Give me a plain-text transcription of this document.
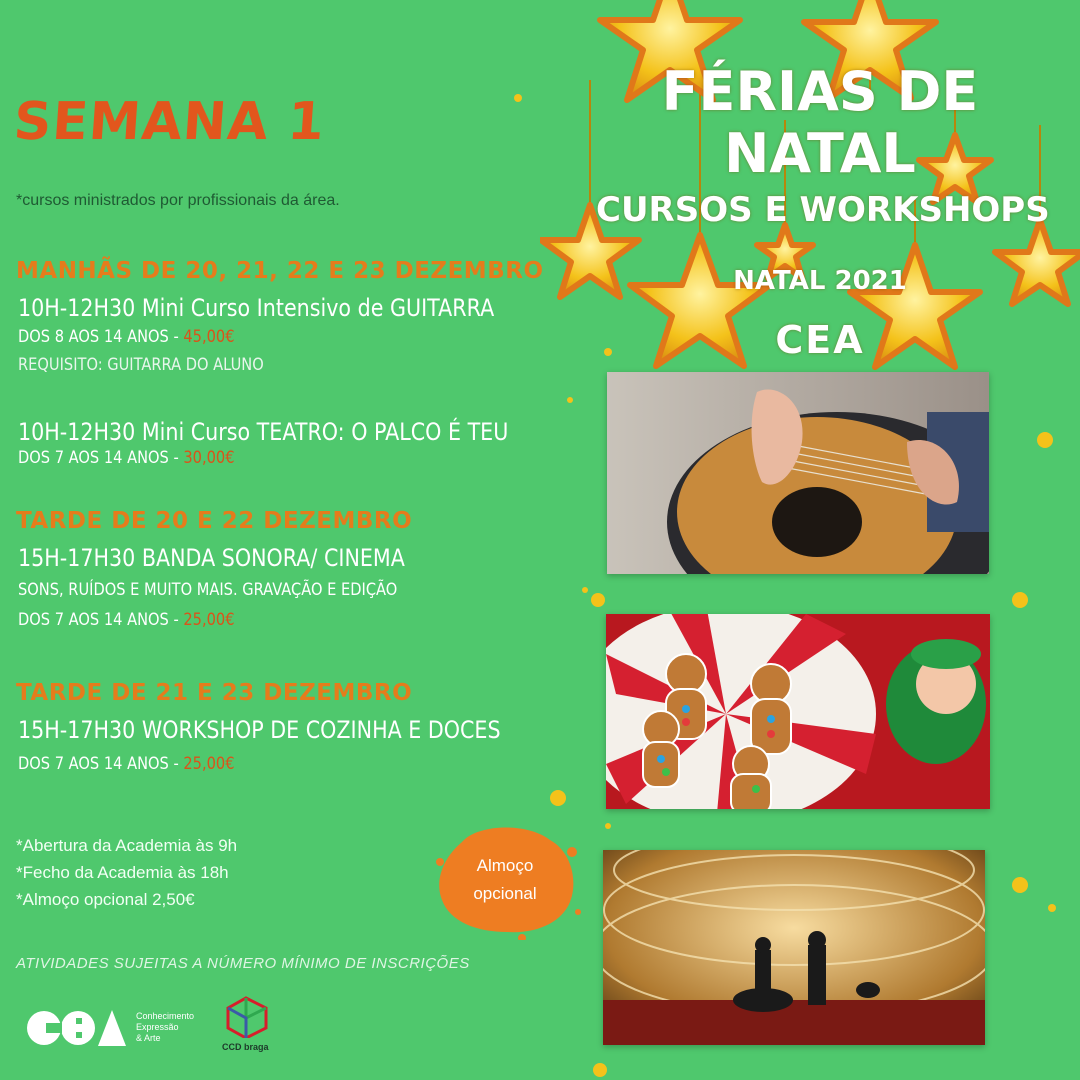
FÉRIAS DE
NATAL
CURSOS E WORKSHOPS
NATAL 2021
CEA
SEMANA 1
*cursos ministrados por profissionais da área.
MANHÃS DE 20, 21, 22 E 23 DEZEMBRO
10H-12H30 Mini Curso Intensivo de GUITARRA
DOS 8 AOS 14 ANOS - 45,00€
REQUISITO: GUITARRA DO ALUNO
10H-12H30 Mini Curso TEATRO: O PALCO É TEU
DOS 7 AOS 14 ANOS - 30,00€
TARDE DE 20 E 22 DEZEMBRO
15H-17H30 BANDA SONORA/ CINEMA
SONS, RUÍDOS E MUITO MAIS. GRAVAÇÃO E EDIÇÃO
DOS 7 AOS 14 ANOS - 25,00€
TARDE DE 21 E 23 DEZEMBRO
15H-17H30 WORKSHOP DE COZINHA E DOCES
DOS 7 AOS 14 ANOS - 25,00€
*Abertura da Academia às 9h
*Fecho da Academia às 18h
*Almoço opcional 2,50€
ATIVIDADES SUJEITAS A NÚMERO MÍNIMO DE INSCRIÇÕES
Almoço
opcional
Conhecimento
Expressão
& Arte
CCD braga
